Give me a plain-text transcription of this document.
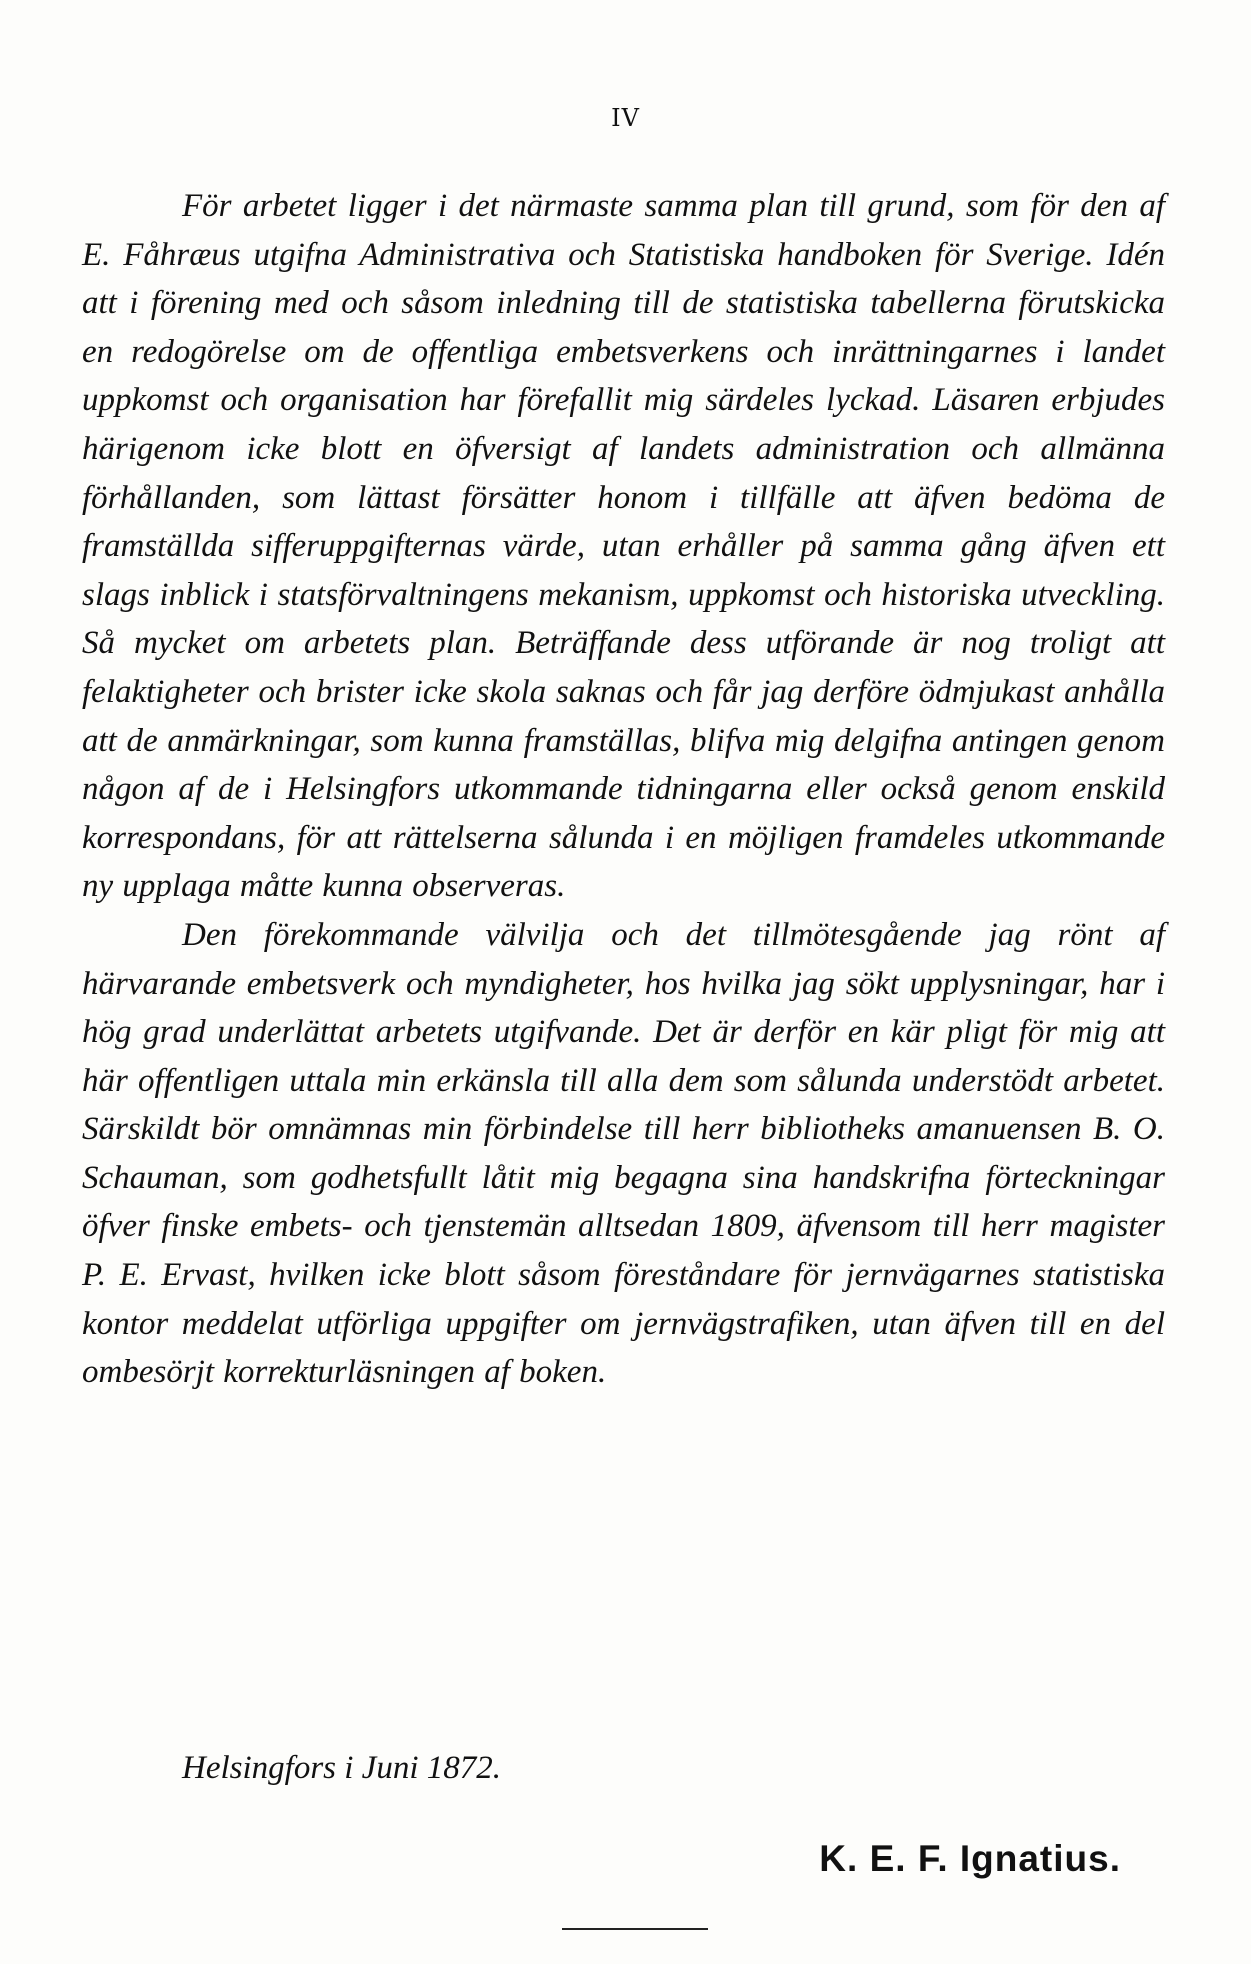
IV

För arbetet ligger i det närmaste samma plan till grund, som för den af E. Fåhræus utgifna Administrativa och Statistiska handboken för Sverige. Idén att i förening med och såsom inledning till de statistiska tabellerna förutskicka en redogörelse om de offentliga embetsverkens och inrättningarnes i landet uppkomst och organisation har förefallit mig särdeles lyckad. Läsaren erbjudes härigenom icke blott en öfversigt af landets administration och allmänna förhållanden, som lättast försätter honom i tillfälle att äfven bedöma de framställda sifferuppgifternas värde, utan erhåller på samma gång äfven ett slags inblick i statsförvaltningens mekanism, uppkomst och historiska utveckling. Så mycket om arbetets plan. Beträffande dess utförande är nog troligt att felaktigheter och brister icke skola saknas och får jag derföre ödmjukast anhålla att de anmärkningar, som kunna framställas, blifva mig delgifna antingen genom någon af de i Helsingfors utkommande tidningarna eller också genom enskild korrespondans, för att rättelserna sålunda i en möjligen framdeles utkommande ny upplaga måtte kunna observeras.

Den förekommande välvilja och det tillmötesgående jag rönt af härvarande embetsverk och myndigheter, hos hvilka jag sökt upplysningar, har i hög grad underlättat arbetets utgifvande. Det är derför en kär pligt för mig att här offentligen uttala min erkänsla till alla dem som sålunda understödt arbetet. Särskildt bör omnämnas min förbindelse till herr bibliotheks amanuensen B. O. Schauman, som godhetsfullt låtit mig begagna sina handskrifna förteckningar öfver finske embets- och tjenstemän alltsedan 1809, äfvensom till herr magister P. E. Ervast, hvilken icke blott såsom föreståndare för jernvägarnes statistiska kontor meddelat utförliga uppgifter om jernvägstrafiken, utan äfven till en del ombesörjt korrekturläsningen af boken.

Helsingfors i Juni 1872.
K. E. F. Ignatius.
